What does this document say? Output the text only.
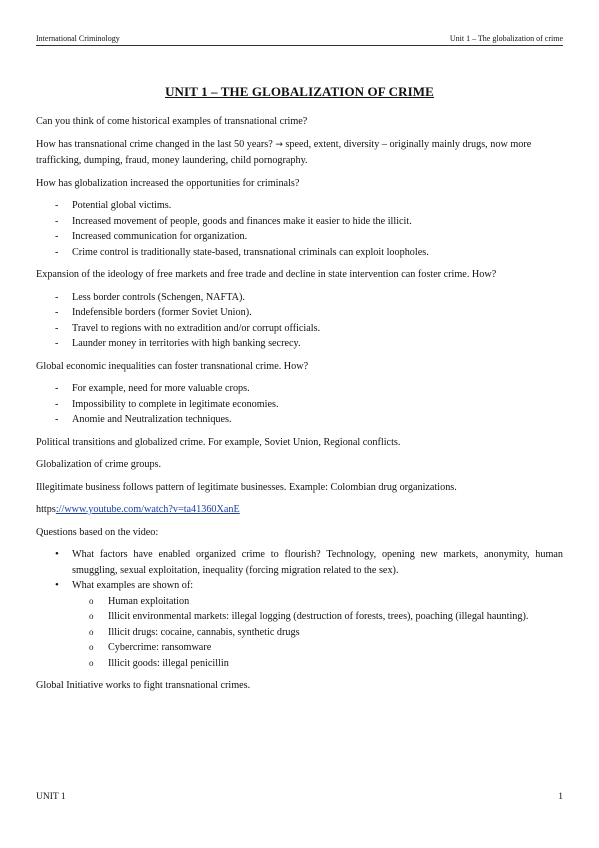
International Criminology	Unit 1 – The globalization of crime
UNIT 1 – THE GLOBALIZATION OF CRIME

Can you think of come historical examples of transnational crime?

How has transnational crime changed in the last 50 years? → speed, extent, diversity – originally mainly drugs, now more trafficking, dumping, fraud, money laundering, child pornography.

How has globalization increased the opportunities for criminals?

- Potential global victims.
- Increased movement of people, goods and finances make it easier to hide the illicit.
- Increased communication for organization.
- Crime control is traditionally state-based, transnational criminals can exploit loopholes.

Expansion of the ideology of free markets and free trade and decline in state intervention can foster crime. How?

- Less border controls (Schengen, NAFTA).
- Indefensible borders (former Soviet Union).
- Travel to regions with no extradition and/or corrupt officials.
- Launder money in territories with high banking secrecy.

Global economic inequalities can foster transnational crime. How?

- For example, need for more valuable crops.
- Impossibility to complete in legitimate economies.
- Anomie and Neutralization techniques.

Political transitions and globalized crime. For example, Soviet Union, Regional conflicts.

Globalization of crime groups.

Illegitimate business follows pattern of legitimate businesses. Example: Colombian drug organizations.

https://www.youtube.com/watch?v=ta41360XanE

Questions based on the video:

• What factors have enabled organized crime to flourish? Technology, opening new markets, anonymity, human smuggling, sexual exploitation, inequality (forcing migration related to the sex).
• What examples are shown of:
o Human exploitation
o Illicit environmental markets: illegal logging (destruction of forests, trees), poaching (illegal haunting).
o Illicit drugs: cocaine, cannabis, synthetic drugs
o Cybercrime: ransomware
o Illicit goods: illegal penicillin

Global Initiative works to fight transnational crimes.

UNIT 1	1
